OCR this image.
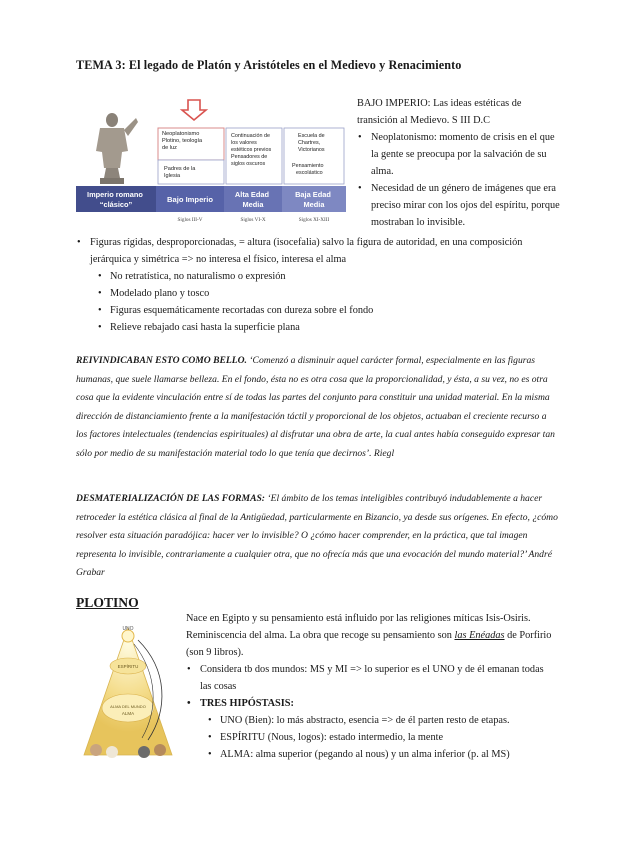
TEMA 3: El legado de Platón y Aristóteles en el Medievo y Renacimiento
Neoplatonismo Plotino, teología de luz
Padres de la Iglesia
Continuación de los valores estéticos previos Pensadores de siglos oscuros
Escuela de Chartres, Victorianos
Pensamiento escolástico
Imperio romano “clásico”
Bajo Imperio
Alta Edad Media
Baja Edad Media
Siglos III-V	Siglos VI-X	Siglos XI-XIII
BAJO IMPERIO: Las ideas estéticas de transición al Medievo. S III D.C
• Neoplatonismo: momento de crisis en el que la gente se preocupa por la salvación de su alma.
• Necesidad de un género de imágenes que era preciso mirar con los ojos del espíritu, porque mostraban lo invisible.
• Figuras rígidas, desproporcionadas, = altura (isocefalia) salvo la figura de autoridad, en una composición jerárquica y simétrica => no interesa el físico, interesa el alma
• No retratística, no naturalismo o expresión
• Modelado plano y tosco
• Figuras esquemáticamente recortadas con dureza sobre el fondo
• Relieve rebajado casi hasta la superficie plana
REIVINDICABAN ESTO COMO BELLO. ‘Comenzó a disminuir aquel carácter formal, especialmente en las figuras humanas, que suele llamarse belleza. En el fondo, ésta no es otra cosa que la proporcionalidad, y ésta, a su vez, no es otra cosa que la evidente vinculación entre sí de todas las partes del conjunto para constituir una unidad material. En la misma dirección de distanciamiento frente a la manifestación táctil y proporcional de los objetos, actuaban el creciente recurso a los factores intelectuales (tendencias espirituales) al disfrutar una obra de arte, la cual antes había conseguido expresar tan sólo por medio de su manifestación material todo lo que tenía que decirnos’. Riegl
DESMATERIALIZACIÓN DE LAS FORMAS: ‘El ámbito de los temas inteligibles contribuyó indudablemente a hacer retroceder la estética clásica al final de la Antigüedad, particularmente en Bizancio, ya desde sus orígenes. En efecto, ¿cómo resolver esta situación paradójica: hacer ver lo invisible? O ¿cómo hacer comprender, en la práctica, que tal imagen representa lo invisible, contrariamente a cualquier otra, que no ofrecía más que una evocación del mundo material?’ André Grabar
PLOTINO
UNO
ESPÍRITU
ALMA DEL MUNDO
ALMA
Nace en Egipto y su pensamiento está influido por las religiones míticas Isis-Osiris. Reminiscencia del alma. La obra que recoge su pensamiento son las Enéadas de Porfirio (son 9 libros).
• Considera tb dos mundos: MS y MI => lo superior es el UNO y de él emanan todas las cosas
• TRES HIPÓSTASIS:
• UNO (Bien): lo más abstracto, esencia => de él parten resto de etapas.
• ESPÍRITU (Nous, logos): estado intermedio, la mente
• ALMA: alma superior (pegando al nous) y un alma inferior (p. al MS)
